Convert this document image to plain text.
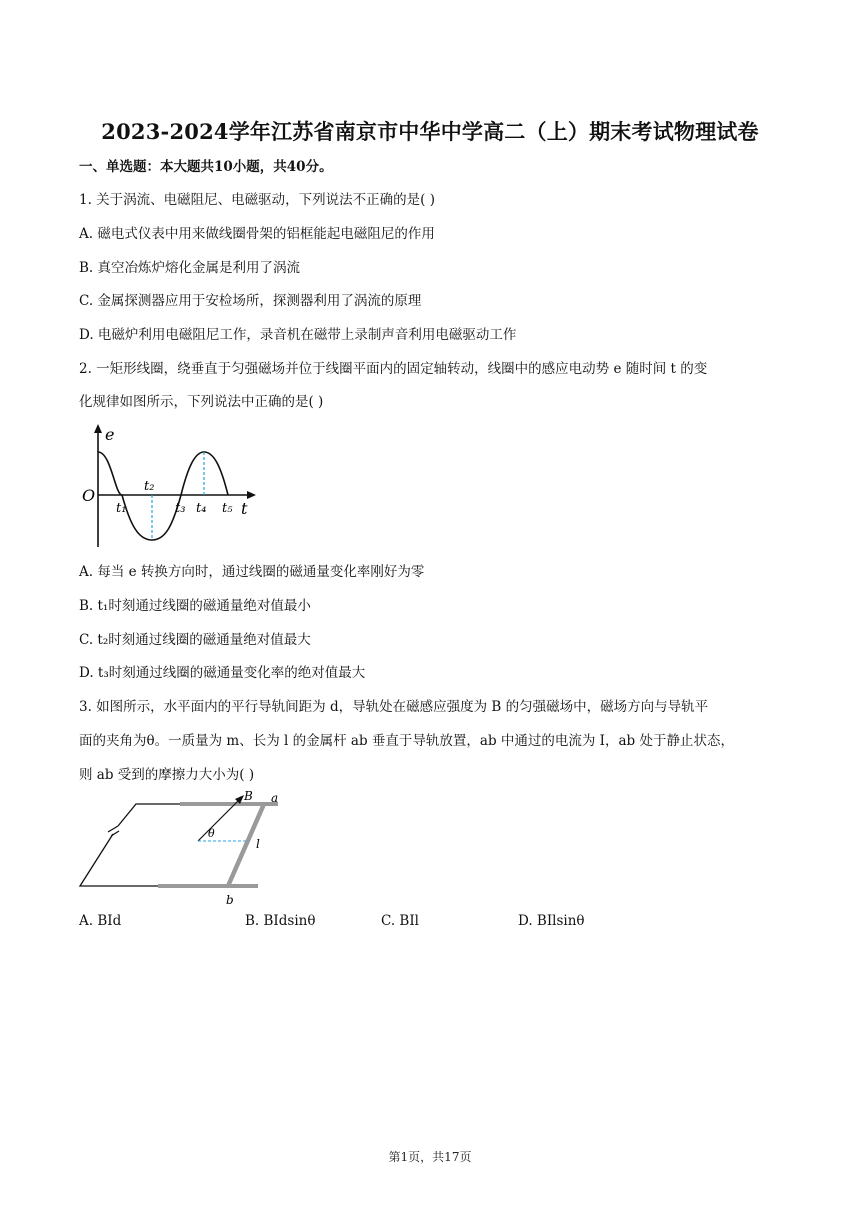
2023-2024学年江苏省南京市中华中学高二（上）期末考试物理试卷
一、单选题：本大题共10小题，共40分。
1. 关于涡流、电磁阻尼、电磁驱动，下列说法不正确的是( )
A. 磁电式仪表中用来做线圈骨架的铝框能起电磁阻尼的作用
B. 真空冶炼炉熔化金属是利用了涡流
C. 金属探测器应用于安检场所，探测器利用了涡流的原理
D. 电磁炉利用电磁阻尼工作，录音机在磁带上录制声音利用电磁驱动工作
2. 一矩形线圈，绕垂直于匀强磁场并位于线圈平面内的固定轴转动，线圈中的感应电动势 e 随时间 t 的变
化规律如图所示，下列说法中正确的是( )
e
O
t
t₁
t₂
t₃ t₄ t₅
A. 每当 e 转换方向时，通过线圈的磁通量变化率刚好为零
B. t₁时刻通过线圈的磁通量绝对值最小
C. t₂时刻通过线圈的磁通量绝对值最大
D. t₃时刻通过线圈的磁通量变化率的绝对值最大
3. 如图所示，水平面内的平行导轨间距为 d，导轨处在磁感应强度为 B 的匀强磁场中，磁场方向与导轨平
面的夹角为θ。一质量为 m、长为 l 的金属杆 ab 垂直于导轨放置，ab 中通过的电流为 I，ab 处于静止状态，
则 ab 受到的摩擦力大小为( )
B a
b
θ
l
A. BId	B. BIdsinθ	C. BIl	D. BIlsinθ
第1页，共17页
